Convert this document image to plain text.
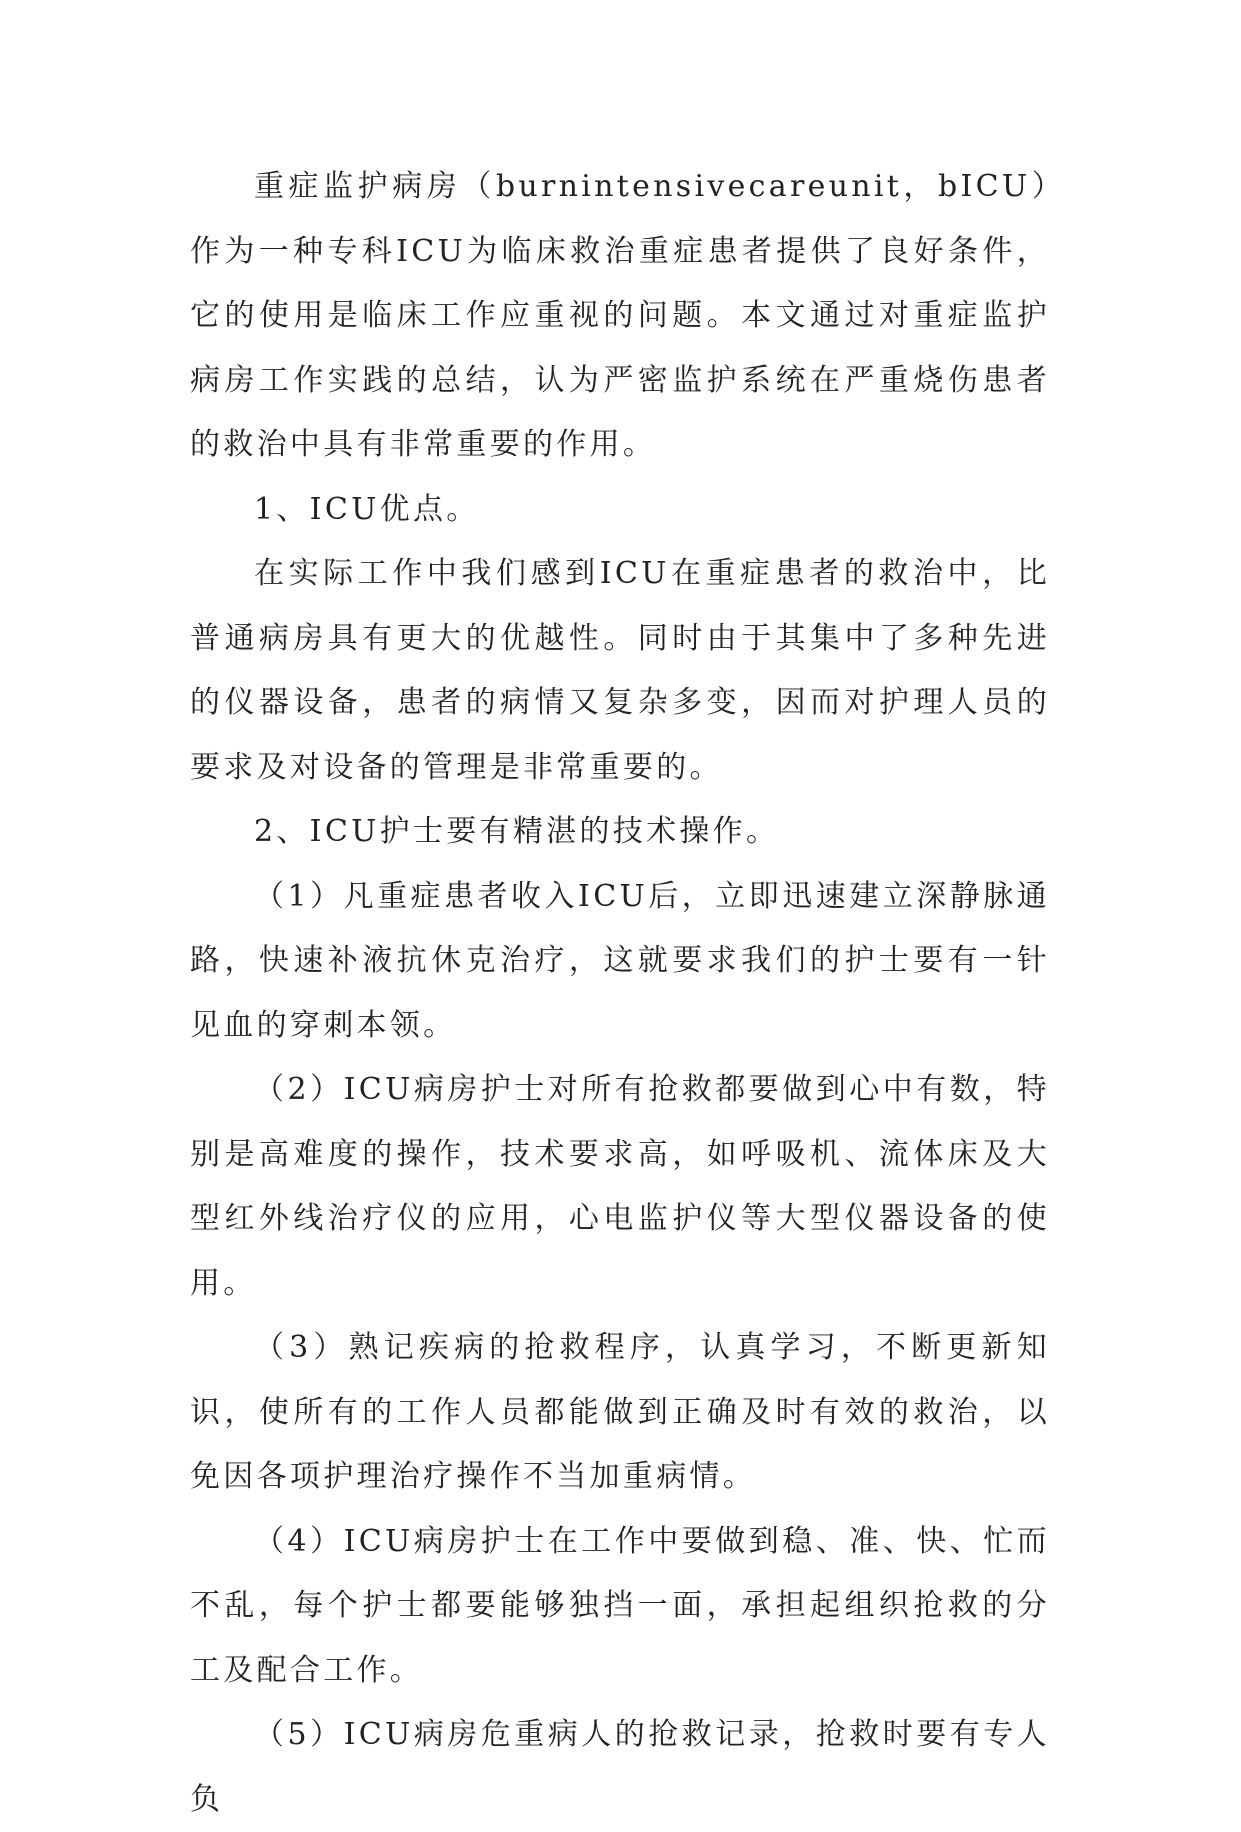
重症监护病房（burnintensivecareunit，bICU）作为一种专科ICU为临床救治重症患者提供了良好条件，它的使用是临床工作应重视的问题。本文通过对重症监护病房工作实践的总结，认为严密监护系统在严重烧伤患者的救治中具有非常重要的作用。

1、ICU优点。

在实际工作中我们感到ICU在重症患者的救治中，比普通病房具有更大的优越性。同时由于其集中了多种先进的仪器设备，患者的病情又复杂多变，因而对护理人员的要求及对设备的管理是非常重要的。

2、ICU护士要有精湛的技术操作。

（1）凡重症患者收入ICU后，立即迅速建立深静脉通路，快速补液抗休克治疗，这就要求我们的护士要有一针见血的穿刺本领。

（2）ICU病房护士对所有抢救都要做到心中有数，特别是高难度的操作，技术要求高，如呼吸机、流体床及大型红外线治疗仪的应用，心电监护仪等大型仪器设备的使用。

（3）熟记疾病的抢救程序，认真学习，不断更新知识，使所有的工作人员都能做到正确及时有效的救治，以免因各项护理治疗操作不当加重病情。

（4）ICU病房护士在工作中要做到稳、准、快、忙而不乱，每个护士都要能够独挡一面，承担起组织抢救的分工及配合工作。

（5）ICU病房危重病人的抢救记录，抢救时要有专人负
